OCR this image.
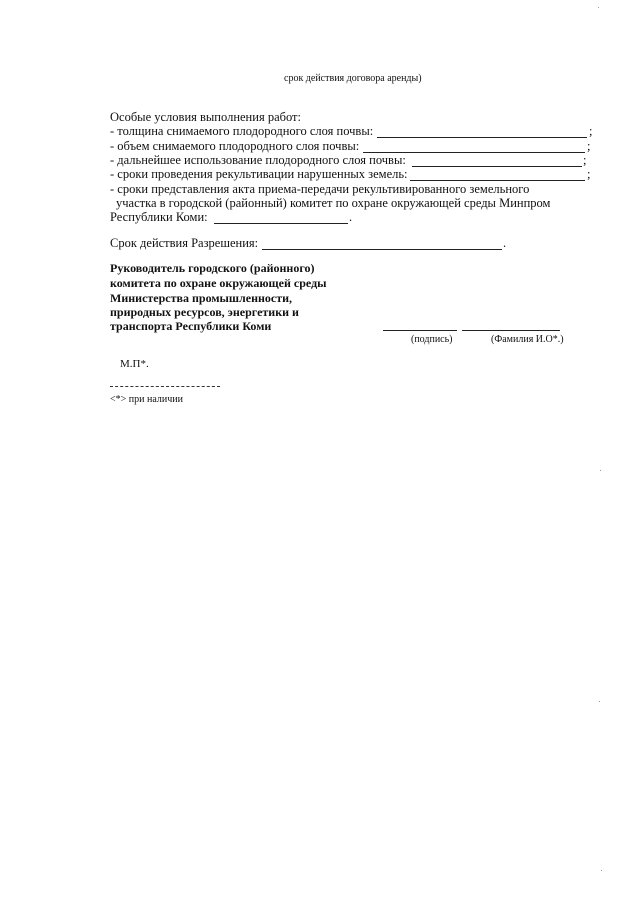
срок действия договора аренды)
Особые условия выполнения работ:
- толщина снимаемого плодородного слоя почвы:	;
- объем снимаемого плодородного слоя почвы:	;
- дальнейшее использование плодородного слоя почвы:	;
- сроки проведения рекультивации нарушенных земель:	;
- сроки представления акта приема-передачи рекультивированного земельного
участка в городской (районный) комитет по охране окружающей среды Минпром
Республики Коми:	.
Срок действия Разрешения:	.
Руководитель городского (районного)
комитета по охране окружающей среды
Министерства промышленности,
природных ресурсов, энергетики и
транспорта Республики Коми
(подпись)	(Фамилия И.О*.)
М.П*.
<*> при наличии
